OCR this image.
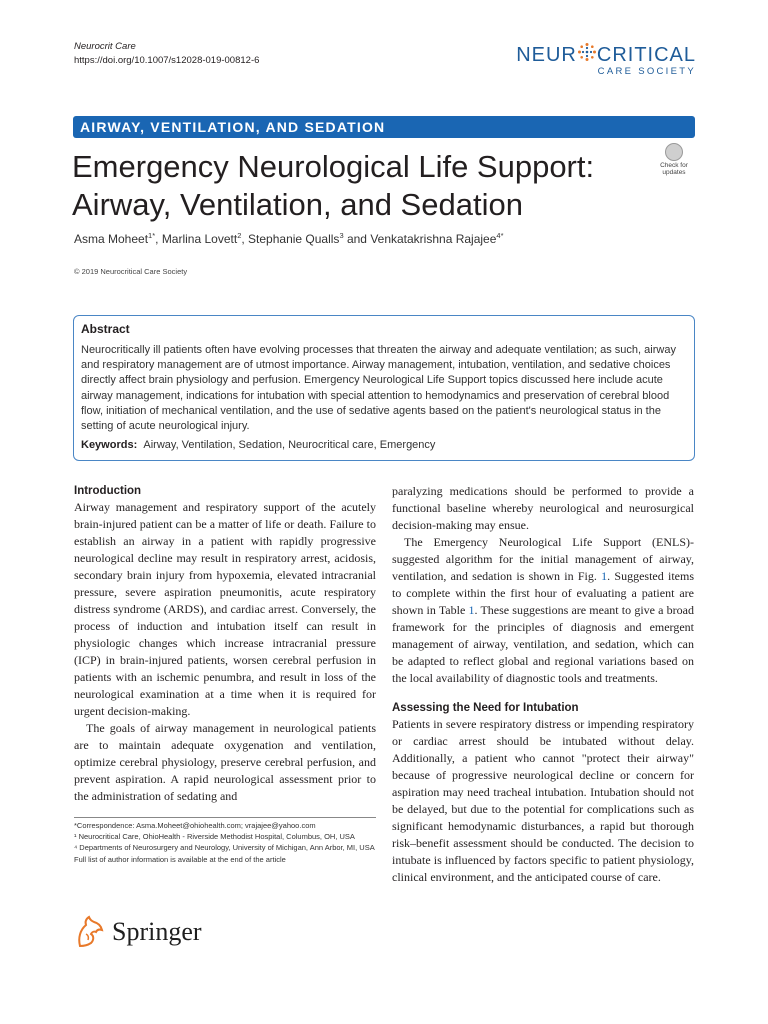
Neurocrit Care
https://doi.org/10.1007/s12028-019-00812-6	NEUR CRITICAL
CARE SOCIETY
AIRWAY, VENTILATION, AND SEDATION
Emergency Neurological Life Support: Airway, Ventilation, and Sedation
Check for
updates
Asma Moheet$^{1*}$, Marlina Lovett$^2$, Stephanie Qualls$^3$ and Venkatakrishna Rajajee$^{4*}$
© 2019 Neurocritical Care Society
Abstract
Neurocritically ill patients often have evolving processes that threaten the airway and adequate ventilation; as such, airway and respiratory management are of utmost importance. Airway management, intubation, ventilation, and sedative choices directly affect brain physiology and perfusion. Emergency Neurological Life Support topics discussed here include acute airway management, indications for intubation with special attention to hemodynamics and preservation of cerebral blood flow, initiation of mechanical ventilation, and the use of sedative agents based on the patient's neurological status in the setting of acute neurological injury.
Keywords: Airway, Ventilation, Sedation, Neurocritical care, Emergency
Introduction

Airway management and respiratory support of the acutely brain-injured patient can be a matter of life or death. Failure to establish an airway in a patient with rapidly progressive neurological decline may result in respiratory arrest, acidosis, secondary brain injury from hypoxemia, elevated intracranial pressure, severe aspiration pneumonitis, acute respiratory distress syndrome (ARDS), and cardiac arrest. Conversely, the process of induction and intubation itself can result in physiologic changes which increase intracranial pressure (ICP) in brain-injured patients, worsen cerebral perfusion in patients with an ischemic penumbra, and result in loss of the neurological examination at a time when it is required for urgent decision-making.

The goals of airway management in neurological patients are to maintain adequate oxygenation and ventilation, optimize cerebral physiology, preserve cerebral perfusion, and prevent aspiration. A rapid neurological assessment prior to the administration of sedating and

*Correspondence: Asma.Moheet@ohiohealth.com; vrajajee@yahoo.com
¹ Neurocritical Care, OhioHealth - Riverside Methodist Hospital, Columbus, OH, USA
⁴ Departments of Neurosurgery and Neurology, University of Michigan, Ann Arbor, MI, USA
Full list of author information is available at the end of the article

paralyzing medications should be performed to provide a functional baseline whereby neurological and neurosurgical decision-making may ensue.

The Emergency Neurological Life Support (ENLS)-suggested algorithm for the initial management of airway, ventilation, and sedation is shown in Fig. 1. Suggested items to complete within the first hour of evaluating a patient are shown in Table 1. These suggestions are meant to give a broad framework for the principles of diagnosis and emergent management of airway, ventilation, and sedation, which can be adapted to reflect global and regional variations based on the local availability of diagnostic tools and treatments.

Assessing the Need for Intubation

Patients in severe respiratory distress or impending respiratory or cardiac arrest should be intubated without delay. Additionally, a patient who cannot "protect their airway" because of progressive neurological decline or concern for aspiration may need tracheal intubation. Intubation should not be delayed, but due to the potential for complications such as significant hemodynamic disturbances, a rapid but thorough risk–benefit assessment should be conducted. The decision to intubate is influenced by factors specific to patient physiology, clinical environment, and the anticipated course of care.

Springer
